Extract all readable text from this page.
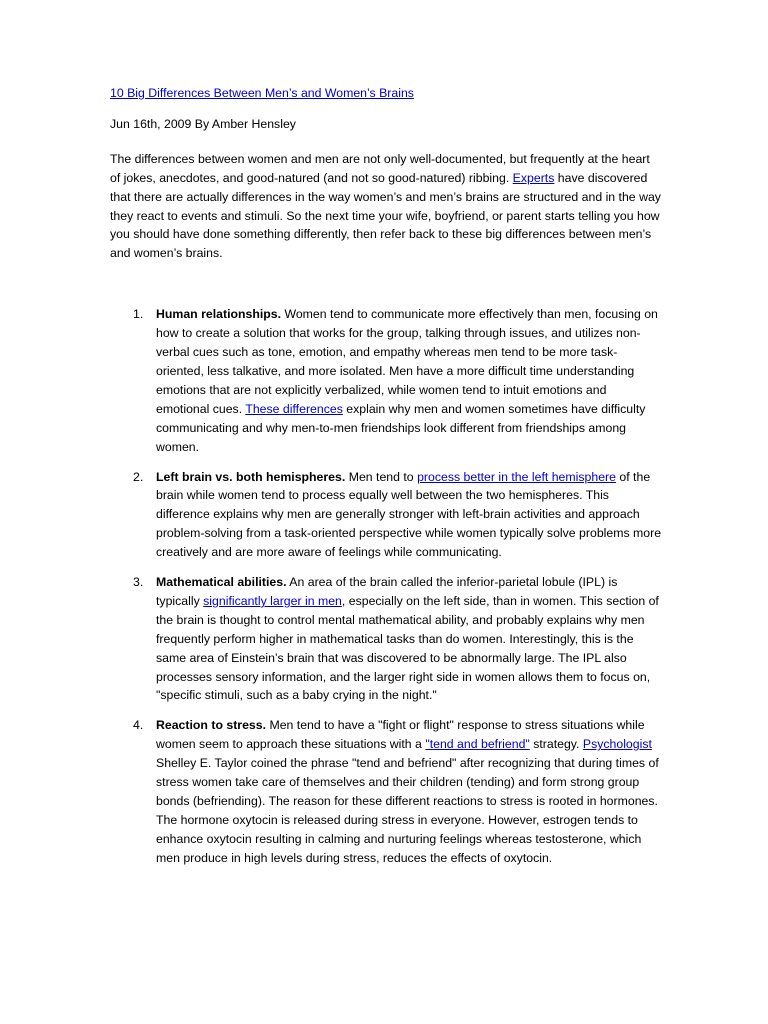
10 Big Differences Between Men’s and Women’s Brains

Jun 16th, 2009 By Amber Hensley

The differences between women and men are not only well-documented, but frequently at the heart of jokes, anecdotes, and good-natured (and not so good-natured) ribbing. Experts have discovered that there are actually differences in the way women’s and men’s brains are structured and in the way they react to events and stimuli. So the next time your wife, boyfriend, or parent starts telling you how you should have done something differently, then refer back to these big differences between men’s and women’s brains.

1. Human relationships. Women tend to communicate more effectively than men, focusing on how to create a solution that works for the group, talking through issues, and utilizes non-verbal cues such as tone, emotion, and empathy whereas men tend to be more task-oriented, less talkative, and more isolated. Men have a more difficult time understanding emotions that are not explicitly verbalized, while women tend to intuit emotions and emotional cues. These differences explain why men and women sometimes have difficulty communicating and why men-to-men friendships look different from friendships among women.
2. Left brain vs. both hemispheres. Men tend to process better in the left hemisphere of the brain while women tend to process equally well between the two hemispheres. This difference explains why men are generally stronger with left-brain activities and approach problem-solving from a task-oriented perspective while women typically solve problems more creatively and are more aware of feelings while communicating.
3. Mathematical abilities. An area of the brain called the inferior-parietal lobule (IPL) is typically significantly larger in men, especially on the left side, than in women. This section of the brain is thought to control mental mathematical ability, and probably explains why men frequently perform higher in mathematical tasks than do women. Interestingly, this is the same area of Einstein’s brain that was discovered to be abnormally large. The IPL also processes sensory information, and the larger right side in women allows them to focus on, "specific stimuli, such as a baby crying in the night."
4. Reaction to stress. Men tend to have a "fight or flight" response to stress situations while women seem to approach these situations with a "tend and befriend" strategy. Psychologist Shelley E. Taylor coined the phrase "tend and befriend" after recognizing that during times of stress women take care of themselves and their children (tending) and form strong group bonds (befriending). The reason for these different reactions to stress is rooted in hormones. The hormone oxytocin is released during stress in everyone. However, estrogen tends to enhance oxytocin resulting in calming and nurturing feelings whereas testosterone, which men produce in high levels during stress, reduces the effects of oxytocin.
